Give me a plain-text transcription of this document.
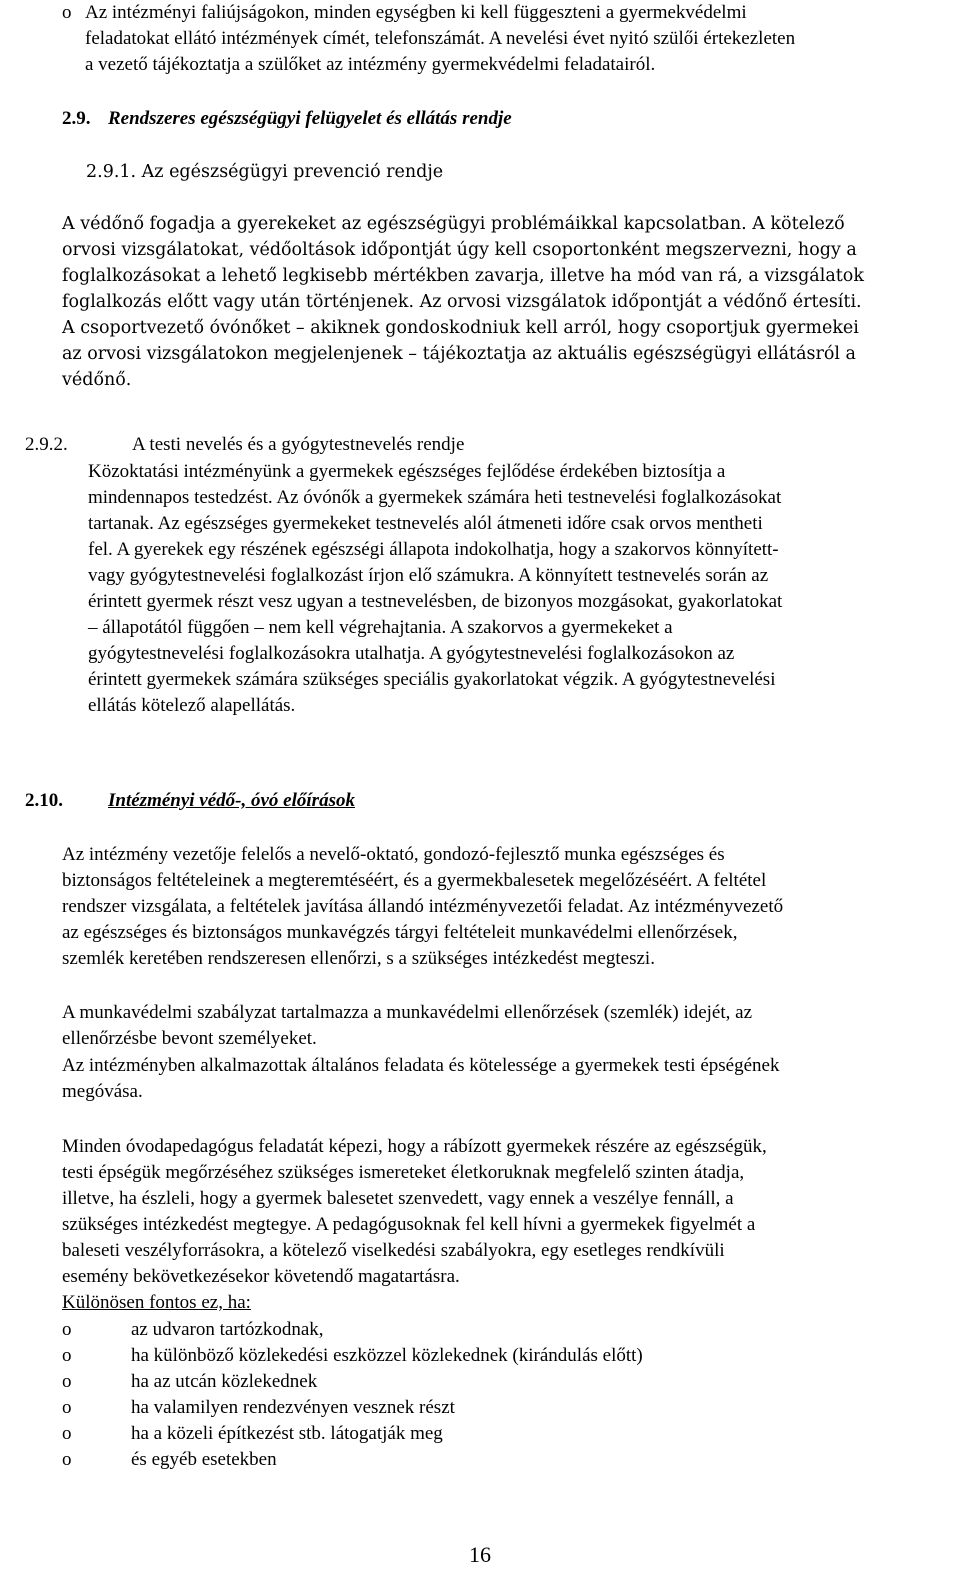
o Az intézményi faliújságokon, minden egységben ki kell függeszteni a gyermekvédelmi

feladatokat ellátó intézmények címét, telefonszámát. A nevelési évet nyitó szülői értekezleten

a vezető tájékoztatja a szülőket az intézmény gyermekvédelmi feladatairól.

2.9. Rendszeres egészségügyi felügyelet és ellátás rendje

2.9.1. Az egészségügyi prevenció rendje

A védőnő fogadja a gyerekeket az egészségügyi problémáikkal kapcsolatban. A kötelező

orvosi vizsgálatokat, védőoltások időpontját úgy kell csoportonként megszervezni, hogy a

foglalkozásokat a lehető legkisebb mértékben zavarja, illetve ha mód van rá, a vizsgálatok

foglalkozás előtt vagy után történjenek. Az orvosi vizsgálatok időpontját a védőnő értesíti.

A csoportvezető óvónőket – akiknek gondoskodniuk kell arról, hogy csoportjuk gyermekei

az orvosi vizsgálatokon megjelenjenek – tájékoztatja az aktuális egészségügyi ellátásról a

védőnő.

2.9.2.	A testi nevelés és a gyógytestnevelés rendje

Közoktatási intézményünk a gyermekek egészséges fejlődése érdekében biztosítja a

mindennapos testedzést. Az óvónők a gyermekek számára heti testnevelési foglalkozásokat

tartanak. Az egészséges gyermekeket testnevelés alól átmeneti időre csak orvos mentheti

fel. A gyerekek egy részének egészségi állapota indokolhatja, hogy a szakorvos könnyített-

vagy gyógytestnevelési foglalkozást írjon elő számukra. A könnyített testnevelés során az

érintett gyermek részt vesz ugyan a testnevelésben, de bizonyos mozgásokat, gyakorlatokat

– állapotától függően – nem kell végrehajtania. A szakorvos a gyermekeket a

gyógytestnevelési foglalkozásokra utalhatja. A gyógytestnevelési foglalkozásokon az

érintett gyermekek számára szükséges speciális gyakorlatokat végzik. A gyógytestnevelési

ellátás kötelező alapellátás.

2.10. Intézményi védő-, óvó előírások

Az intézmény vezetője felelős a nevelő-oktató, gondozó-fejlesztő munka egészséges és

biztonságos feltételeinek a megteremtéséért, és a gyermekbalesetek megelőzéséért. A feltétel

rendszer vizsgálata, a feltételek javítása állandó intézményvezetői feladat. Az intézményvezető

az egészséges és biztonságos munkavégzés tárgyi feltételeit munkavédelmi ellenőrzések,

szemlék keretében rendszeresen ellenőrzi, s a szükséges intézkedést megteszi.

A munkavédelmi szabályzat tartalmazza a munkavédelmi ellenőrzések (szemlék) idejét, az

ellenőrzésbe bevont személyeket.

Az intézményben alkalmazottak általános feladata és kötelessége a gyermekek testi épségének

megóvása.

Minden óvodapedagógus feladatát képezi, hogy a rábízott gyermekek részére az egészségük,

testi épségük megőrzéséhez szükséges ismereteket életkoruknak megfelelő szinten átadja,

illetve, ha észleli, hogy a gyermek balesetet szenvedett, vagy ennek a veszélye fennáll, a

szükséges intézkedést megtegye. A pedagógusoknak fel kell hívni a gyermekek figyelmét a

baleseti veszélyforrásokra, a kötelező viselkedési szabályokra, egy esetleges rendkívüli

esemény bekövetkezésekor követendő magatartásra.

Különösen fontos ez, ha:

o	az udvaron tartózkodnak,
o	ha különböző közlekedési eszközzel közlekednek (kirándulás előtt)
o	ha az utcán közlekednek
o	ha valamilyen rendezvényen vesznek részt
o	ha a közeli építkezést stb. látogatják meg
o	és egyéb esetekben
16
